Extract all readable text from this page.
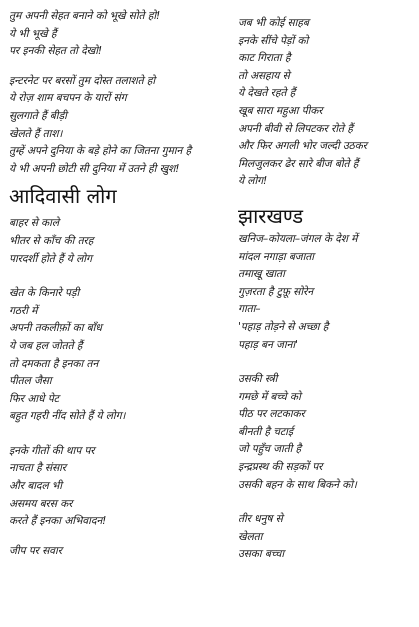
तुम अपनी सेहत बनाने को भूखे सोते हो!
ये भी भूखे हैं
पर इनकी सेहत तो देखो!
इन्टरनेट पर बरसों तुम दोस्त तलाशते हो
ये रोज़ शाम बचपन के यारों संग
सुलगाते हैं बीड़ी
खेलते हैं ताश।
तुम्हें अपने दुनिया के बड़े होने का जितना गुमान है
ये भी अपनी छोटी सी दुनिया में उतने ही खुश!
आदिवासी लोग
बाहर से काले
भीतर से काँच की तरह
पारदर्शी होते हैं ये लोग
खेत के किनारे पड़ी
गठरी में
अपनी तकलीफ़ों का बाँध
ये जब हल जोतते हैं
तो दमकता है इनका तन
पीतल जैसा
फिर आधे पेट
बहुत गहरी नींद सोते हैं ये लोग।
इनके गीतों की थाप पर
नाचता है संसार
और बादल भी
असमय बरस कर
करते हैं इनका अभिवादन!
जीप पर सवार
जब भी कोई साहब
इनके सींचे पेड़ों को
काट गिराता है
तो असहाय से
ये देखते रहते हैं
खूब सारा महुआ पीकर
अपनी बीवी से लिपटकर रोते हैं
और फिर अगली भोर जल्दी उठकर
मिलजुलकर ढेर सारे बीज बोते हैं
ये लोग!
झारखण्ड
खनिज–कोयला–जंगल के देश में
मांदल नगाड़ा बजाता
तमाखू खाता
गुज़रता है टुफ़ू सोरेन
गाता–
'पहाड़ तोड़ने से अच्छा है
पहाड़ बन जाना'
उसकी स्त्री
गमछे में बच्चे को
पीठ पर लटकाकर
बीनती है चटाई
जो पहुँच जाती है
इन्द्रप्रस्थ की सड़कों पर
उसकी बहन के साथ बिकने को।
तीर धनुष से
खेलता
उसका बच्चा
